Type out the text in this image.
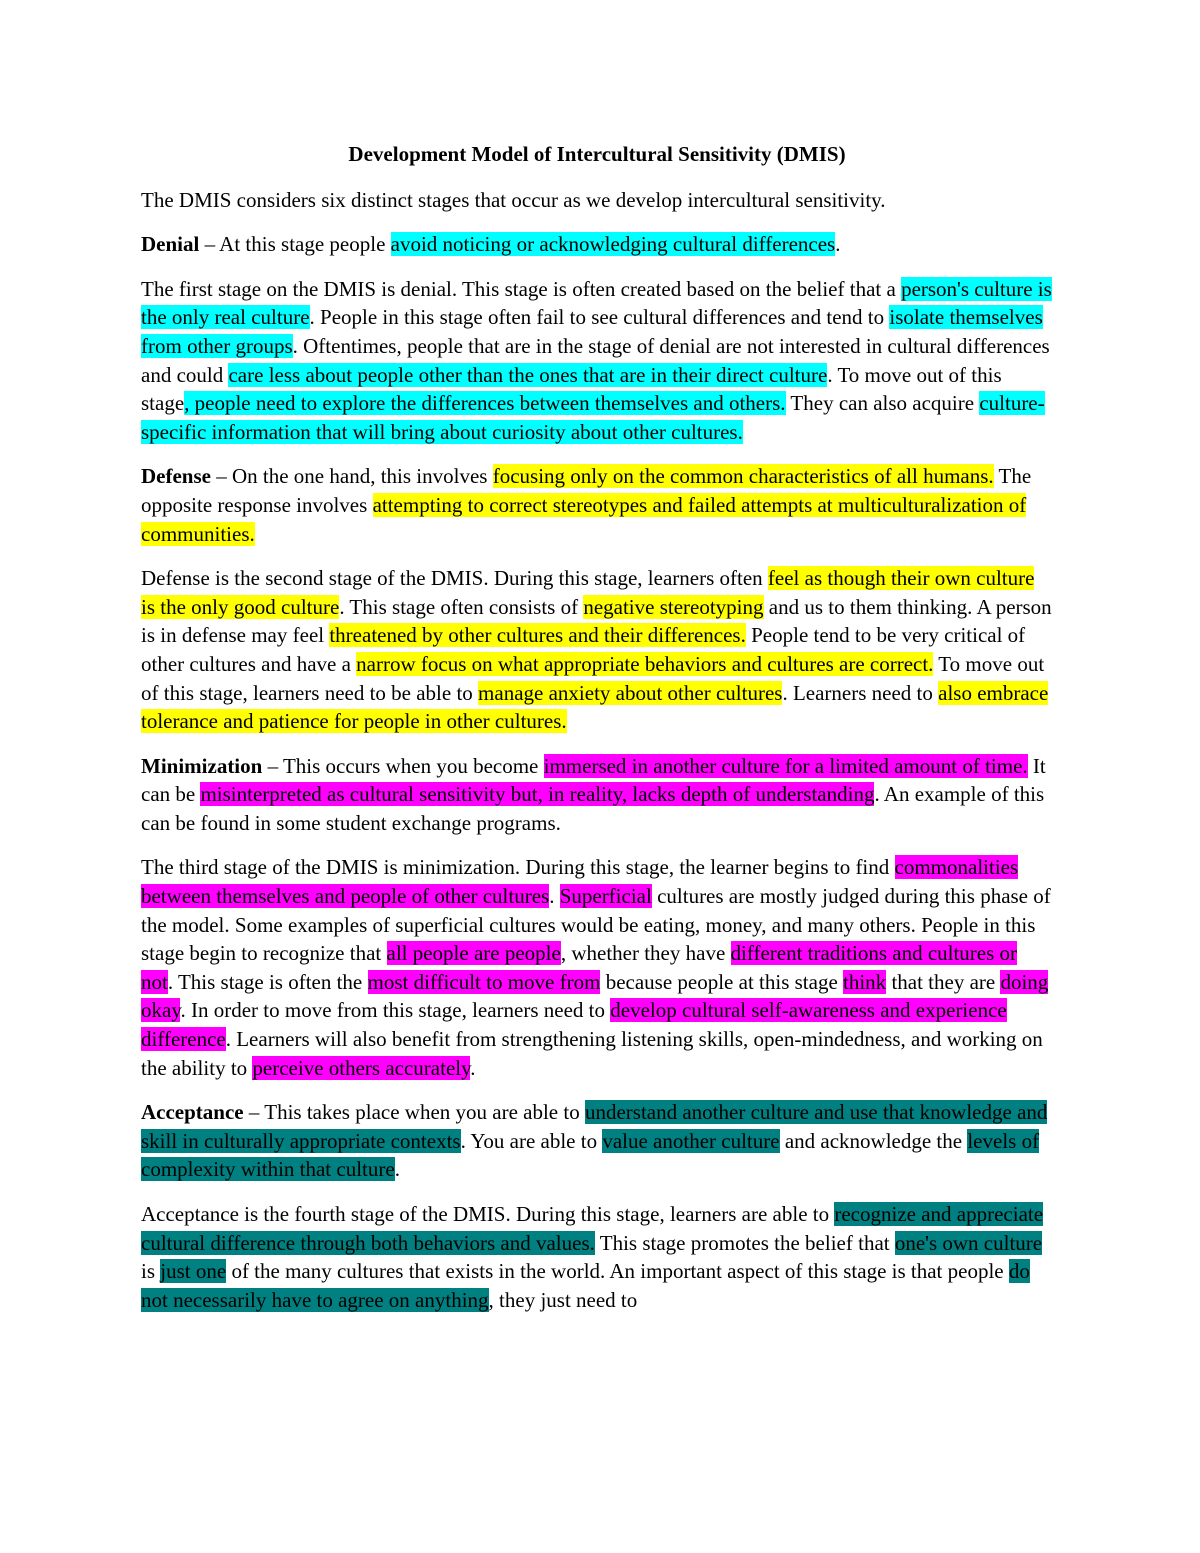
Development Model of Intercultural Sensitivity (DMIS)

The DMIS considers six distinct stages that occur as we develop intercultural sensitivity.

Denial – At this stage people avoid noticing or acknowledging cultural differences.

The first stage on the DMIS is denial. This stage is often created based on the belief that a person's culture is the only real culture. People in this stage often fail to see cultural differences and tend to isolate themselves from other groups. Oftentimes, people that are in the stage of denial are not interested in cultural differences and could care less about people other than the ones that are in their direct culture. To move out of this stage, people need to explore the differences between themselves and others. They can also acquire culture-specific information that will bring about curiosity about other cultures.

Defense – On the one hand, this involves focusing only on the common characteristics of all humans. The opposite response involves attempting to correct stereotypes and failed attempts at multiculturalization of communities.

Defense is the second stage of the DMIS. During this stage, learners often feel as though their own culture is the only good culture. This stage often consists of negative stereotyping and us to them thinking. A person is in defense may feel threatened by other cultures and their differences. People tend to be very critical of other cultures and have a narrow focus on what appropriate behaviors and cultures are correct. To move out of this stage, learners need to be able to manage anxiety about other cultures. Learners need to also embrace tolerance and patience for people in other cultures.

Minimization – This occurs when you become immersed in another culture for a limited amount of time. It can be misinterpreted as cultural sensitivity but, in reality, lacks depth of understanding. An example of this can be found in some student exchange programs.

The third stage of the DMIS is minimization. During this stage, the learner begins to find commonalities between themselves and people of other cultures. Superficial cultures are mostly judged during this phase of the model. Some examples of superficial cultures would be eating, money, and many others. People in this stage begin to recognize that all people are people, whether they have different traditions and cultures or not. This stage is often the most difficult to move from because people at this stage think that they are doing okay. In order to move from this stage, learners need to develop cultural self-awareness and experience difference. Learners will also benefit from strengthening listening skills, open-mindedness, and working on the ability to perceive others accurately.

Acceptance – This takes place when you are able to understand another culture and use that knowledge and skill in culturally appropriate contexts. You are able to value another culture and acknowledge the levels of complexity within that culture.

Acceptance is the fourth stage of the DMIS. During this stage, learners are able to recognize and appreciate cultural difference through both behaviors and values. This stage promotes the belief that one's own culture is just one of the many cultures that exists in the world. An important aspect of this stage is that people do not necessarily have to agree on anything, they just need to
